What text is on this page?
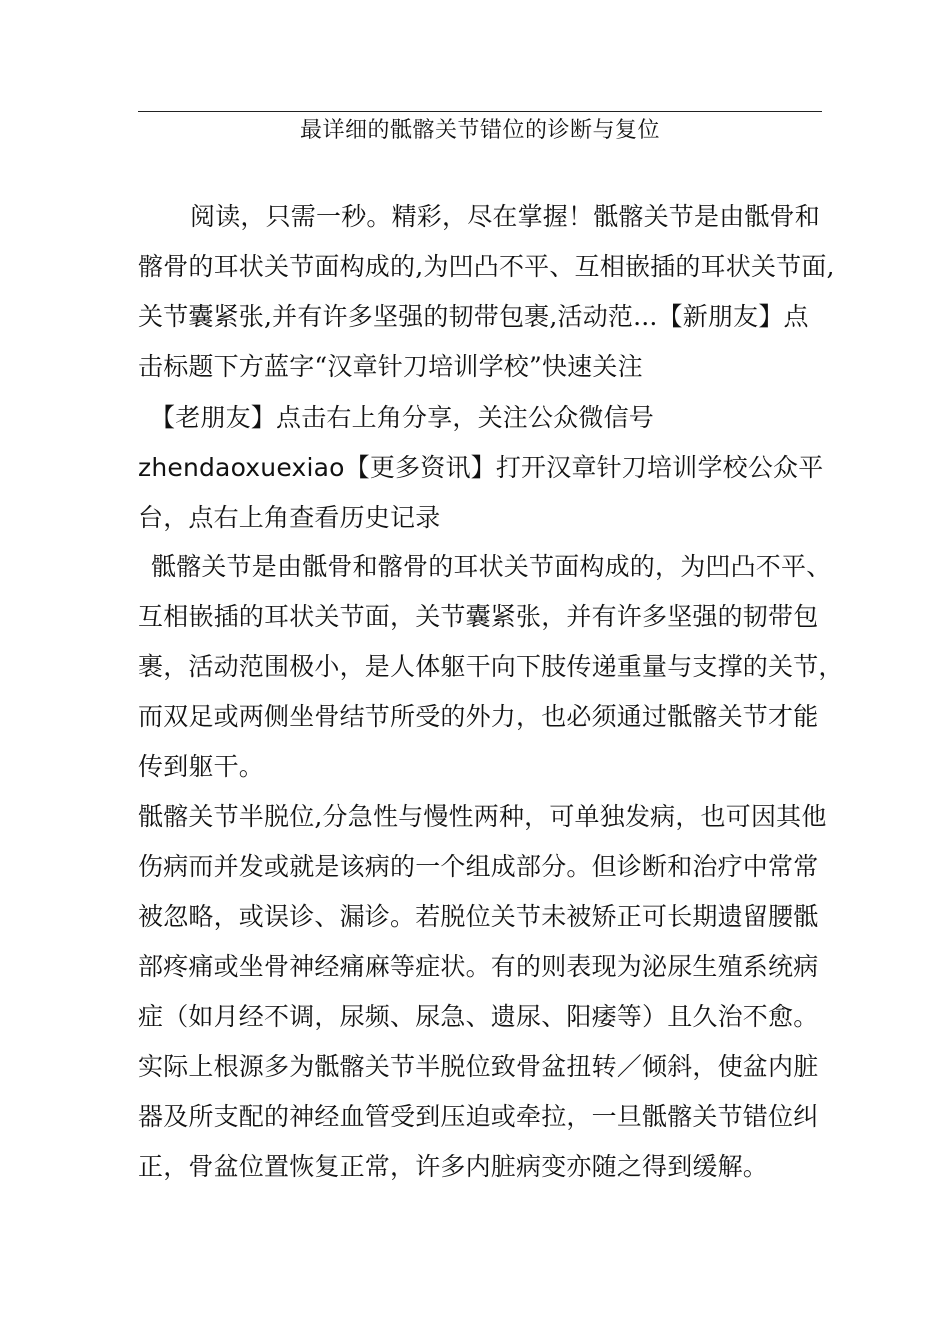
最详细的骶髂关节错位的诊断与复位
阅读，只需一秒。精彩，尽在掌握！骶髂关节是由骶骨和
髂骨的耳状关节面构成的,为凹凸不平、互相嵌插的耳状关节面,
关节囊紧张,并有许多坚强的韧带包裹,活动范...【新朋友】点
击标题下方蓝字“汉章针刀培训学校”快速关注
【老朋友】点击右上角分享，关注公众微信号
zhendaoxuexiao【更多资讯】打开汉章针刀培训学校公众平
台，点右上角查看历史记录
骶髂关节是由骶骨和髂骨的耳状关节面构成的，为凹凸不平、
互相嵌插的耳状关节面，关节囊紧张，并有许多坚强的韧带包
裹，活动范围极小，是人体躯干向下肢传递重量与支撑的关节，
而双足或两侧坐骨结节所受的外力，也必须通过骶髂关节才能
传到躯干。
骶髂关节半脱位,分急性与慢性两种，可单独发病，也可因其他
伤病而并发或就是该病的一个组成部分。但诊断和治疗中常常
被忽略，或误诊、漏诊。若脱位关节未被矫正可长期遗留腰骶
部疼痛或坐骨神经痛麻等症状。有的则表现为泌尿生殖系统病
症（如月经不调，尿频、尿急、遗尿、阳痿等）且久治不愈。
实际上根源多为骶髂关节半脱位致骨盆扭转／倾斜，使盆内脏
器及所支配的神经血管受到压迫或牵拉，一旦骶髂关节错位纠
正，骨盆位置恢复正常，许多内脏病变亦随之得到缓解。
